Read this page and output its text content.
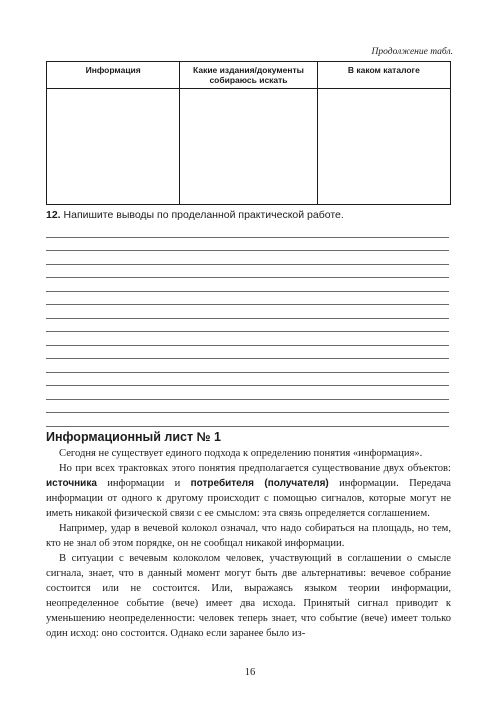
Продолжение табл.
Информация	Какие издания/документы собираюсь искать	В каком каталоге

12. Напишите выводы по проделанной практической работе.
Информационный лист № 1

Сегодня не существует единого подхода к определению понятия «информация».

Но при всех трактовках этого понятия предполагается существование двух объектов: источника информации и потребителя (получателя) информации. Передача информации от одного к другому происходит с помощью сигналов, которые могут не иметь никакой физической связи с ее смыслом: эта связь определяется соглашением.

Например, удар в вечевой колокол означал, что надо собираться на площадь, но тем, кто не знал об этом порядке, он не сообщал никакой информации.

В ситуации с вечевым колоколом человек, участвующий в соглашении о смысле сигнала, знает, что в данный момент могут быть две альтернативы: вечевое собрание состоится или не состоится. Или, выражаясь языком теории информации, неопределенное событие (вече) имеет два исхода. Принятый сигнал приводит к уменьшению неопределенности: человек теперь знает, что событие (вече) имеет только один исход: оно состоится. Однако если заранее было из-

16
